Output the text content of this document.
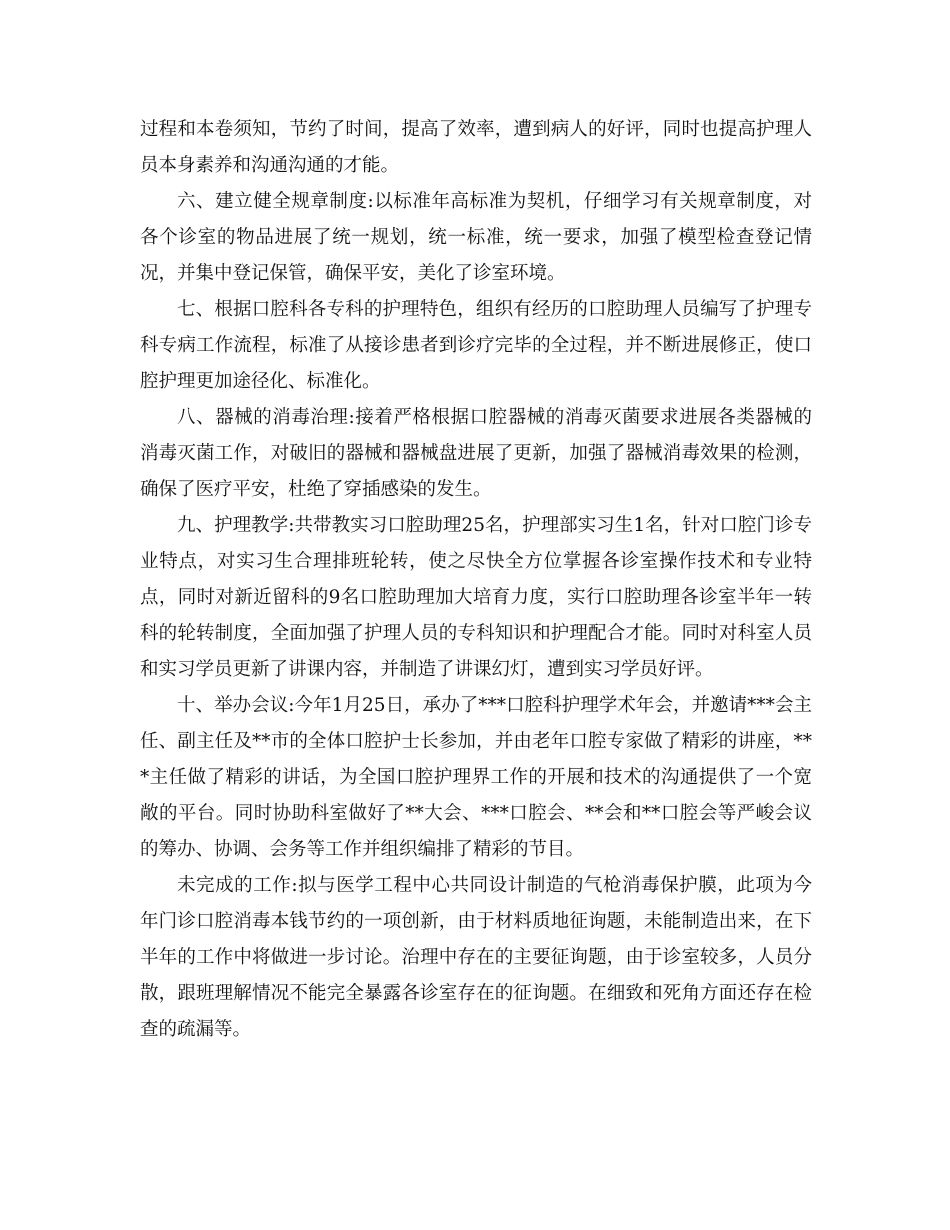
过程和本卷须知，节约了时间，提高了效率，遭到病人的好评，同时也提高护理人员本身素养和沟通沟通的才能。

六、建立健全规章制度:以标准年高标准为契机，仔细学习有关规章制度，对各个诊室的物品进展了统一规划，统一标准，统一要求，加强了模型检查登记情况，并集中登记保管，确保平安，美化了诊室环境。

七、根据口腔科各专科的护理特色，组织有经历的口腔助理人员编写了护理专科专病工作流程，标准了从接诊患者到诊疗完毕的全过程，并不断进展修正，使口腔护理更加途径化、标准化。

八、器械的消毒治理:接着严格根据口腔器械的消毒灭菌要求进展各类器械的消毒灭菌工作，对破旧的器械和器械盘进展了更新，加强了器械消毒效果的检测，确保了医疗平安，杜绝了穿插感染的发生。

九、护理教学:共带教实习口腔助理25名，护理部实习生1名，针对口腔门诊专业特点，对实习生合理排班轮转，使之尽快全方位掌握各诊室操作技术和专业特点，同时对新近留科的9名口腔助理加大培育力度，实行口腔助理各诊室半年一转科的轮转制度，全面加强了护理人员的专科知识和护理配合才能。同时对科室人员和实习学员更新了讲课内容，并制造了讲课幻灯，遭到实习学员好评。

十、举办会议:今年1月25日，承办了***口腔科护理学术年会，并邀请***会主任、副主任及**市的全体口腔护士长参加，并由老年口腔专家做了精彩的讲座，***主任做了精彩的讲话，为全国口腔护理界工作的开展和技术的沟通提供了一个宽敞的平台。同时协助科室做好了**大会、***口腔会、**会和**口腔会等严峻会议的筹办、协调、会务等工作并组织编排了精彩的节目。

未完成的工作:拟与医学工程中心共同设计制造的气枪消毒保护膜，此项为今年门诊口腔消毒本钱节约的一项创新，由于材料质地征询题，未能制造出来，在下半年的工作中将做进一步讨论。治理中存在的主要征询题，由于诊室较多，人员分散，跟班理解情况不能完全暴露各诊室存在的征询题。在细致和死角方面还存在检查的疏漏等。
